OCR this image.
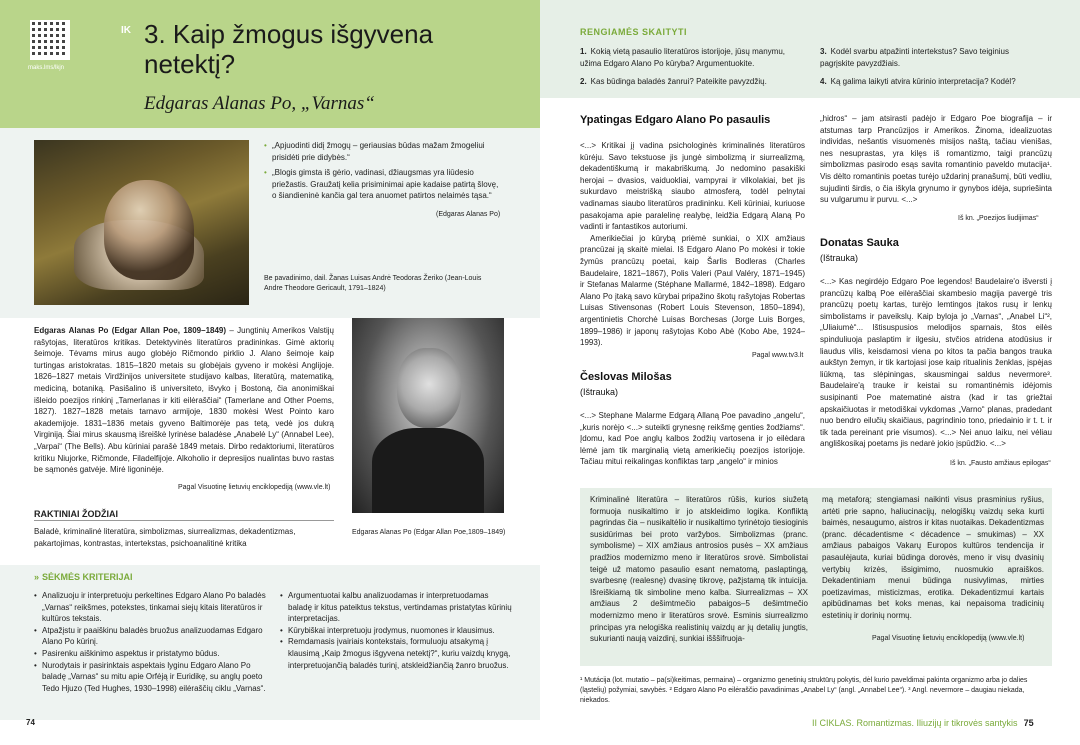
maks.lms/lkjn
IK 3. Kaip žmogus išgyvena netektį?
Edgaras Alanas Po, „Varnas“
• „Apjuodinti didį žmogų – geriausias būdas mažam žmogeliui prisidėti prie didybės.“
• „Blogis gimsta iš gėrio, vadinasi, džiaugsmas yra liūdesio priežastis. Graužatį kelia prisiminimai apie kadaise patirtą šlovę, o šiandieninė kančia gal tera anuomet patirtos nelaimės tąsa.“
(Edgaras Alanas Po)
Be pavadinimo, dail. Žanas Luisas Andrė Teodoras Žeriko (Jean-Louis Andre Theodore Gericault, 1791–1824)
Edgaras Alanas Po (Edgar Allan Poe, 1809–1849) – Jungtinių Amerikos Valstijų rašytojas, literatūros kritikas. Detektyvinės literatūros pradininkas. Gimė aktorių šeimoje. Tėvams mirus augo globėjo Ričmondo pirklio J. Alano šeimoje kaip turtingas aristokratas. 1815–1820 metais su globėjais gyveno ir mokėsi Anglijoje. 1826–1827 metais Virdžinijos universitete studijavo kalbas, literatūrą, matematiką, mediciną, botaniką. Pasišalino iš universiteto, išvyko į Bostoną, čia anonimiškai išleido poezijos rinkinį „Tamerlanas ir kiti eilėraščiai“ (Tamerlane and Other Poems, 1827). 1827–1828 metais tarnavo armijoje, 1830 mokėsi West Pointo karo akademijoje. 1831–1836 metais gyveno Baltimorėje pas tetą, vedė jos dukrą Virginiją. Šiai mirus skausmą išreiškė lyrinėse baladėse „Anabelė Ly“ (Annabel Lee), „Varpai“ (The Bells). Abu kūriniai parašė 1849 metais. Dirbo redaktoriumi, literatūros kritiku Niujorke, Ričmonde, Filadelfijoje. Alkoholio ir depresijos nualintas buvo rastas be sąmonės gatvėje. Mirė ligoninėje.
Pagal Visuotinę lietuvių enciklopediją (www.vle.lt)
Edgaras Alanas Po (Edgar Allan Poe,1809–1849)
RAKTINIAI ŽODŽIAI
Baladė, kriminalinė literatūra, simbolizmas, siurrealizmas, dekadentizmas, pakartojimas, kontrastas, intertekstas, psichoanalitinė kritika
» SĖKMĖS KRITERIJAI
• Analizuoju ir interpretuoju perkeltines Edgaro Alano Po baladės „Varnas“ reikšmes, potekstes, tinkamai siejų kitais literatūros ir kultūros tekstais.
• Atpažįstu ir paaiškinu baladės bruožus analizuodamas Edgaro Alano Po kūrinį.
• Pasirenku aiškinimo aspektus ir pristatymo būdus.
• Nurodytais ir pasirinktais aspektais lyginu Edgaro Alano Po baladę „Varnas“ su mitu apie Orfėją ir Euridikę, su anglų poeto Tedo Hjuzo (Ted Hughes, 1930–1998) eilėraščių ciklu „Varnas“.
• Argumentuotai kalbu analizuodamas ir interpretuodamas baladę ir kitus pateiktus tekstus, vertindamas pristatytas kūrinių interpretacijas.
• Kūrybiškai interpretuoju jrodymus, nuomones ir klausimus.
• Remdamasis įvairiais kontekstais, formuluoju atsakymą į klausimą „Kaip žmogus išgyvena netektį?“, kuriu vaizdų knygą, interpretuojančią baladės turinį, atskleidžiančią žanro bruožus.
74
RENGIAMĖS SKAITYTI
1. Kokią vietą pasaulio literatūros istorijoje, jūsų manymu, užima Edgaro Alano Po kūryba? Argumentuokite.
2. Kas būdinga baladės žanrui? Pateikite pavyzdžių.
3. Kodėl svarbu atpažinti intertekstus? Savo teiginius pagrįskite pavyzdžiais.
4. Ką galima laikyti atvira kūrinio interpretacija? Kodėl?
Ypatingas Edgaro Alano Po pasaulis

<...> Kritikai jį vadina psichologinės kriminalinės literatūros kūrėju. Savo tekstuose jis jungė simbolizmą ir siurrealizmą, dekadentiškumą ir makabriškumą. Jo nedomino pasakiški herojai – dvasios, vaiduokliai, vampyrai ir vilkolakiai, bet jis sukurdavo meistrišką siaubo atmosferą, todėl pelnytai vadinamas siaubo literatūros pradininku. Keli kūriniai, kuriuose pasakojama apie paralelinę realybę, leidžia Edgarą Alaną Po vadinti ir fantastikos autoriumi.

Amerikiečiai jo kūrybą priėmė sunkiai, o XIX amžiaus prancūzai ją skaitė mielai. Iš Edgaro Alano Po mokėsi ir tokie žymūs prancūzų poetai, kaip Šarlis Bodleras (Charles Baudelaire, 1821–1867), Polis Valeri (Paul Valéry, 1871–1945) ir Stefanas Malarme (Stéphane Mallarmé, 1842–1898). Edgaro Alano Po įtaką savo kūrybai pripažino škotų rašytojas Robertas Luisas Stivensonas (Robert Louis Stevenson, 1850–1894), argentinietis Chorchė Luisas Borchesas (Jorge Luis Borges, 1899–1986) ir japonų rašytojas Kobo Abė (Kobo Abe, 1924–1993).

Pagal www.tv3.lt
Česlovas Milošas
(Ištrauka)
<...> Stephane Malarme Edgarą Allaną Poe pavadino „angelu“, „kuris norėjo <...> suteikti grynesnę reikšmę genties žodžiams“. Įdomu, kad Poe anglų kalbos žodžių vartosena ir jo eilėdara lėmė jam tik marginalią vietą amerikiečių poezijos istorijoje. Tačiau mitui reikalingas konfliktas tarp „angelo“ ir minios
„hidros“ – jam atsirasti padėjo ir Edgaro Poe biografija – ir atstumas tarp Prancūzijos ir Amerikos. Žinoma, idealizuotas individas, nešantis visuomenės misijos naštą, tačiau vienišas, nes nesuprastas, yra kilęs iš romantizmo, taigi prancūzų simbolizmas pasirodo esąs savita romantinio paveldo mutacija¹. Vis dėlto romantinis poetas turėjo uždarinį pranašumį, būti vedliu, sujudinti širdis, o čia iškyla grynumo ir gynybos idėja, supriešinta su vulgarumu ir purvu. <...>
Iš kn. „Poezijos liudijimas“
Donatas Sauka
(Ištrauka)
<...> Kas negirdėjo Edgaro Poe legendos! Baudelaire'o išversti į prancūzų kalbą Poe eilėraščiai skambesio magija pavergė tris prancūzų poetų kartas, turėjo lemtingos įtakos rusų ir lenkų simbolistams ir paveikslų. Kaip byloja jo „Varnas“, „Anabel Li“², „Uliaiumė“... Ištisuspusios melodijos sparnais, štos eilės spinduliuoja paslaptim ir ilgesiu, stvčios atridena atodūsius ir liaudus vilis, keisdamosi viena po kitos ta pačia bangos trauka aukštyn žemyn, ir tik kartojasi jose kaip ritualinis ženklas, įspėjas liūkmą, tas slėpiningas, skausmingai saldus nevermore³. Baudelaire'ą trauke ir keistai su romantinėmis idėjomis susipinanti Poe matematinė aistra (kad ir tas griežtai apskaičiuotas ir metodiškai vykdomas „Varno“ planas, pradedant nuo bendro eilučių skaičiaus, pagrindinio tono, priedainio ir t. t. ir tik tada pereinant prie visumos). <...> Nei anuo laiku, nei vėliau angliškosikaj poetams jis nedarė jokio įspūdžio. <...>
Iš kn. „Fausto amžiaus epilogas“
Kriminalinė literatūra – literatūros rūšis, kurios siužetą formuoja nusikaltimo ir jo atskleidimo logika. Konfliktą pagrindas čia – nusikaltėlio ir nusikaltimo tyrinėtojo tiesioginis susidūrimas bei proto varžybos. Simbolizmas (pranc. symbolisme) – XIX amžiaus antrosios pusės – XX amžiaus pradžios modernizmo meno ir literatūros srovė. Simbolistai teigė už matomo pasaulio esant nematomą, paslaptingą, svarbesnę (realesnę) dvasinę tikrovę, pažįstamą tik intuicija. Išreiškiamą tik simboline meno kalba. Siurrealizmas – XX amžiaus 2 dešimtmečio pabaigos–5 dešimtmečio modernizmo meno ir literatūros srovė. Esminis siurrealizmo principas yra nelogiška realistinių vaizdų ar jų detalių jungtis, sukurianti naują vaizdinį, sunkiai išššifruoja-
mą metaforą; stengiamasi naikinti visus prasminius ryšius, artėti prie sapno, haliucinacijų, nelogiškų vaizdų seka kurti baimės, nesaugumo, aistros ir kitas nuotaikas. Dekadentizmas (pranc. décadentisme < décadence – smukimas) – XX amžiaus pabaigos Vakarų Europos kultūros tendencija ir pasaulėjauta, kuriai būdinga dorovės, meno ir visų dvasinių vertybių krizės, išsigimimo, nuosmukio apraiškos. Dekadentiniam menui būdinga nusivylimas, mirties poetizavimas, misticizmas, erotika. Dekadentizmui kartais apibūdinamas bet koks menas, kai nepaisoma tradicinių estetinių ir dorinių normų.
Pagal Visuotinę lietuvių enciklopediją (www.vle.lt)
¹ Mutácija (lot. mutatio – pa(si)keitimas, permaina) – organizmo genetinių struktūrų pokytis, dėl kurio paveldimai pakinta organizmo arba jo dalies (ląstelių) požymiai, savybės. ² Edgaro Alano Po eilėraščio pavadinimas „Anabel Ly“ (angl. „Annabel Lee“). ³ Angl. nevermore – daugiau niekada, niekados.
II CIKLAS. Romantizmas. Iliuzijų ir tikrovės santykis 75
